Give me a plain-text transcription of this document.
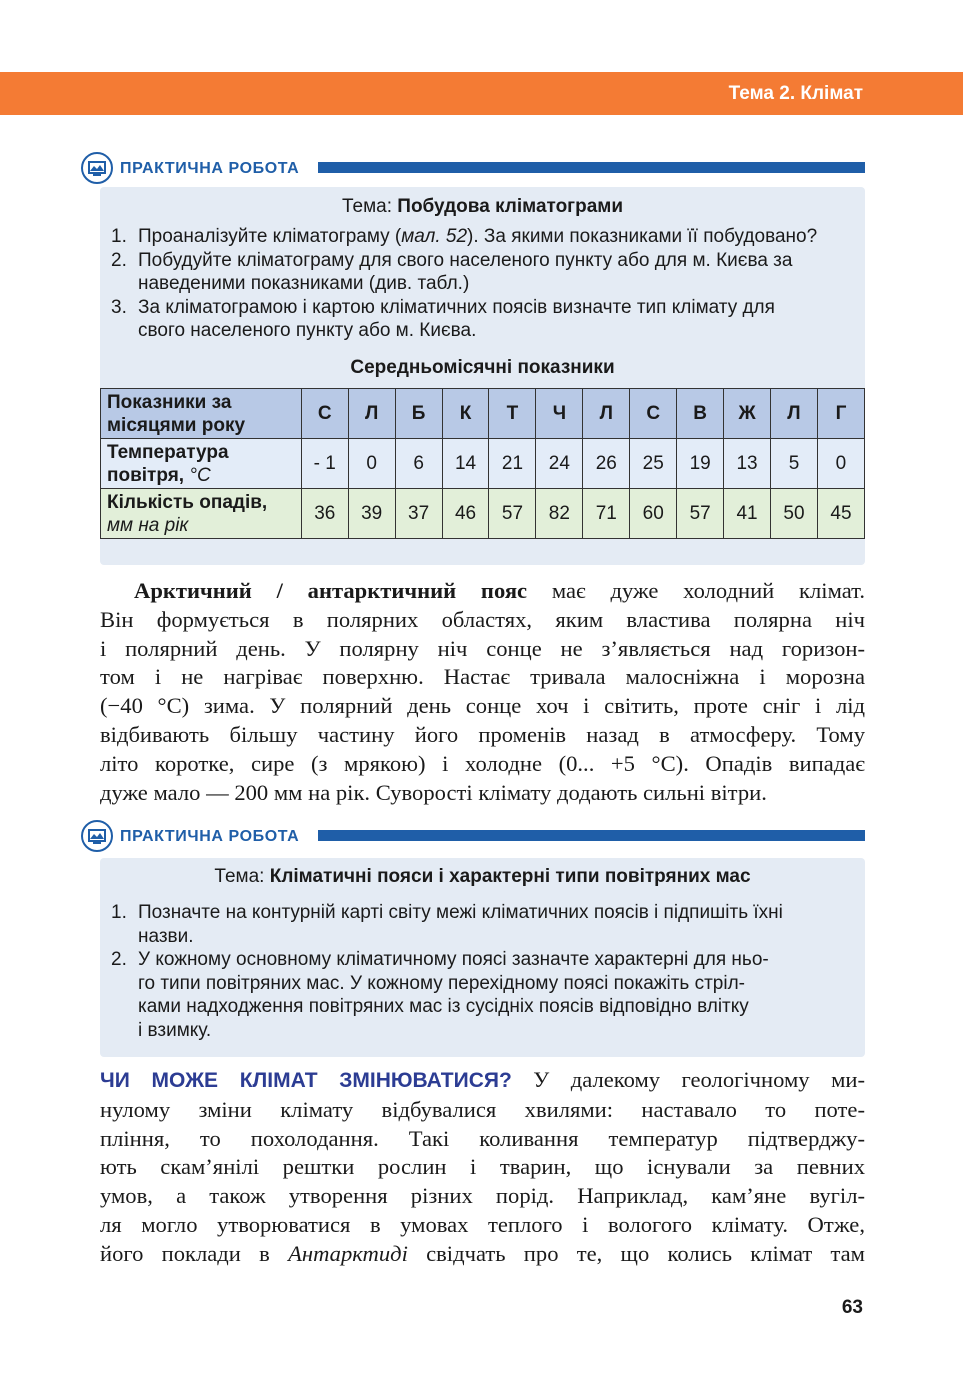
Тема 2. Клімат
ПРАКТИЧНА РОБОТА
Тема: Побудова кліматограми
1. Проаналізуйте кліматограму (мал. 52). За якими показниками її побудовано?
2. Побудуйте кліматограму для свого населеного пункту або для м. Києва за
наведеними показниками (див. табл.)
3. За кліматограмою і картою кліматичних поясів визначте тип клімату для
свого населеного пункту або м. Києва.
Середньомісячні показники
Показники за
місяцями року	С	Л	Б	К	Т	Ч	Л	С	В	Ж	Л	Г
Температура
повітря, °C	- 1	0	6	14	21	24	26	25	19	13	5	0
Кількість опадів,
мм на рік	36	39	37	46	57	82	71	60	57	41	50	45
Арктичний / антарктичний пояс має дуже холодний клімат.
Він формується в полярних областях, яким властива полярна ніч
і полярний день. У полярну ніч сонце не з’являється над горизон-
том і не нагріває поверхню. Настає тривала малосніжна і морозна
(−40 °С) зима. У полярний день сонце хоч і світить, проте сніг і лід
відбивають більшу частину його променів назад в атмосферу. Тому
літо коротке, сире (з мрякою) і холодне (0... +5 °С). Опадів випадає
дуже мало — 200 мм на рік. Суворості клімату додають сильні вітри.
ПРАКТИЧНА РОБОТА
Тема: Кліматичні пояси і характерні типи повітряних мас
1. Позначте на контурній карті світу межі кліматичних поясів і підпишіть їхні
назви.
2. У кожному основному кліматичному поясі зазначте характерні для ньо-
го типи повітряних мас. У кожному перехідному поясі покажіть стріл-
ками надходження повітряних мас із сусідніх поясів відповідно влітку
і взимку.
ЧИ МОЖЕ КЛІМАТ ЗМІНЮВАТИСЯ? У далекому геологічному ми-
нулому зміни клімату відбувалися хвилями: наставало то поте-
пління, то похолодання. Такі коливання температур підтверджу-
ють скам’янілі рештки рослин і тварин, що існували за певних
умов, а також утворення різних порід. Наприклад, кам’яне вугіл-
ля могло утворюватися в умовах теплого і вологого клімату. Отже,
його поклади в Антарктиді свідчать про те, що колись клімат там
63
